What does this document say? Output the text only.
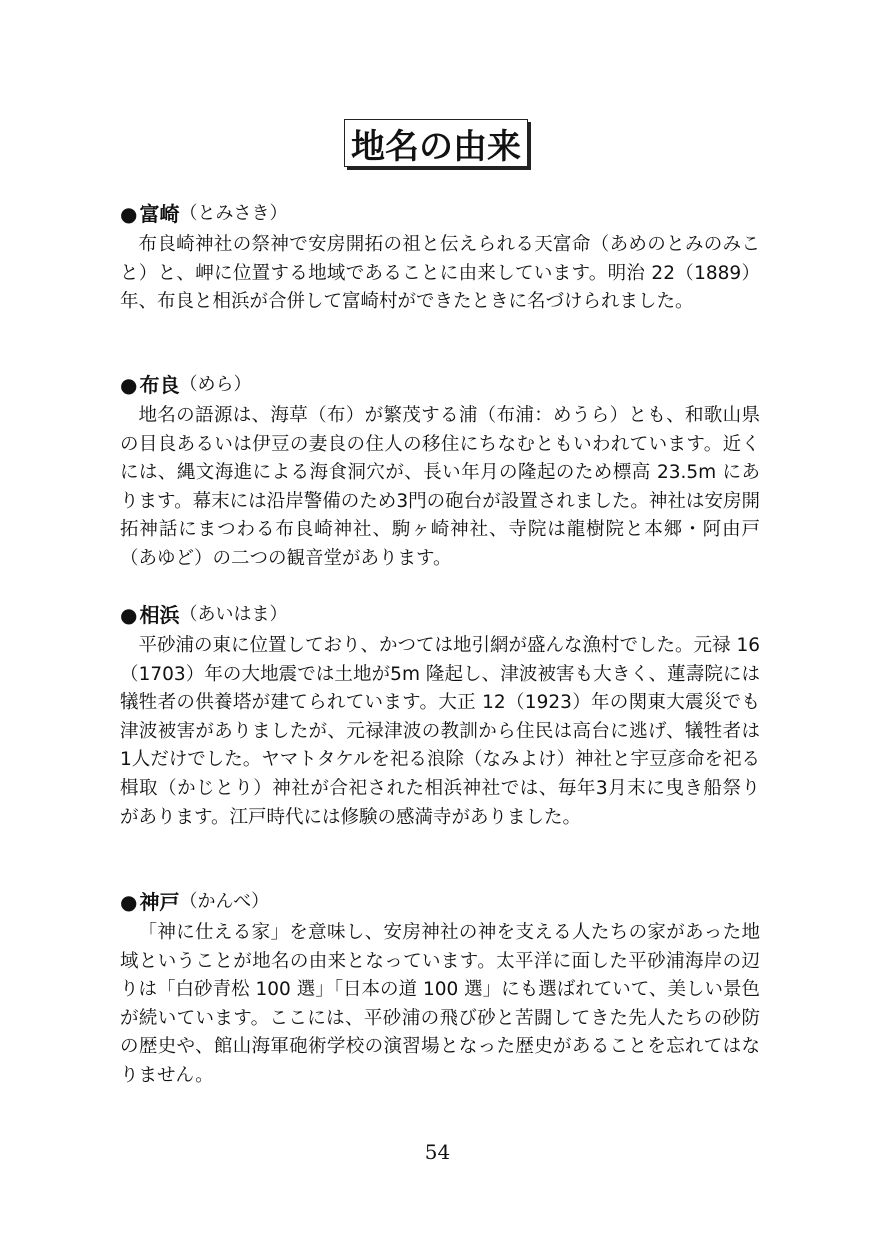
地名の由来
● 富崎 （とみさき）

布良崎神社の祭神で安房開拓の祖と伝えられる天富命（あめのとみのみこと）と、岬に位置する地域であることに由来しています。明治 22（1889）年、布良と相浜が合併して富崎村ができたときに名づけられました。

● 布良 （めら）

地名の語源は、海草（布）が繁茂する浦（布浦：めうら）とも、和歌山県の目良あるいは伊豆の妻良の住人の移住にちなむともいわれています。近くには、縄文海進による海食洞穴が、長い年月の隆起のため標高 23.5m にあります。幕末には沿岸警備のため3門の砲台が設置されました。神社は安房開拓神話にまつわる布良崎神社、駒ヶ崎神社、寺院は龍樹院と本郷・阿由戸（あゆど）の二つの観音堂があります。

● 相浜 （あいはま）

平砂浦の東に位置しており、かつては地引網が盛んな漁村でした。元禄 16（1703）年の大地震では土地が5m 隆起し、津波被害も大きく、蓮壽院には犠牲者の供養塔が建てられています。大正 12（1923）年の関東大震災でも津波被害がありましたが、元禄津波の教訓から住民は高台に逃げ、犠牲者は1人だけでした。ヤマトタケルを祀る浪除（なみよけ）神社と宇豆彦命を祀る楫取（かじとり）神社が合祀された相浜神社では、毎年3月末に曳き船祭りがあります。江戸時代には修験の感満寺がありました。

● 神戸 （かんべ）

「神に仕える家」を意味し、安房神社の神を支える人たちの家があった地域ということが地名の由来となっています。太平洋に面した平砂浦海岸の辺りは「白砂青松 100 選」「日本の道 100 選」にも選ばれていて、美しい景色が続いています。ここには、平砂浦の飛び砂と苦闘してきた先人たちの砂防の歴史や、館山海軍砲術学校の演習場となった歴史があることを忘れてはなりません。

54
